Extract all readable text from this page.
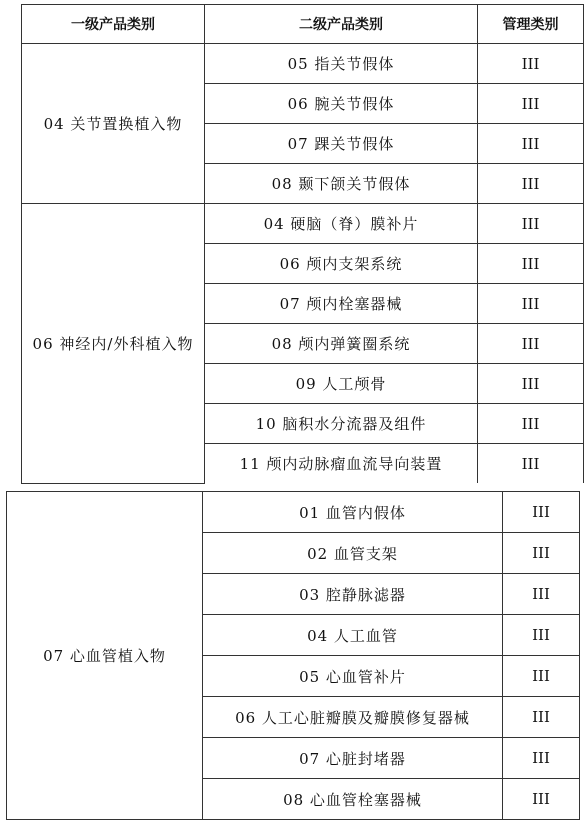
一级产品类别	二级产品类别	管理类别
04 关节置换植入物	05 指关节假体	III
	06 腕关节假体	III
	07 踝关节假体	III
	08 颞下颌关节假体	III
06 神经内/外科植入物	04 硬脑（脊）膜补片	III
	06 颅内支架系统	III
	07 颅内栓塞器械	III
	08 颅内弹簧圈系统	III
	09 人工颅骨	III
	10 脑积水分流器及组件	III
	11 颅内动脉瘤血流导向装置	III
07 心血管植入物	01 血管内假体	III
	02 血管支架	III
	03 腔静脉滤器	III
	04 人工血管	III
	05 心血管补片	III
	06 人工心脏瓣膜及瓣膜修复器械	III
	07 心脏封堵器	III
	08 心血管栓塞器械	III
